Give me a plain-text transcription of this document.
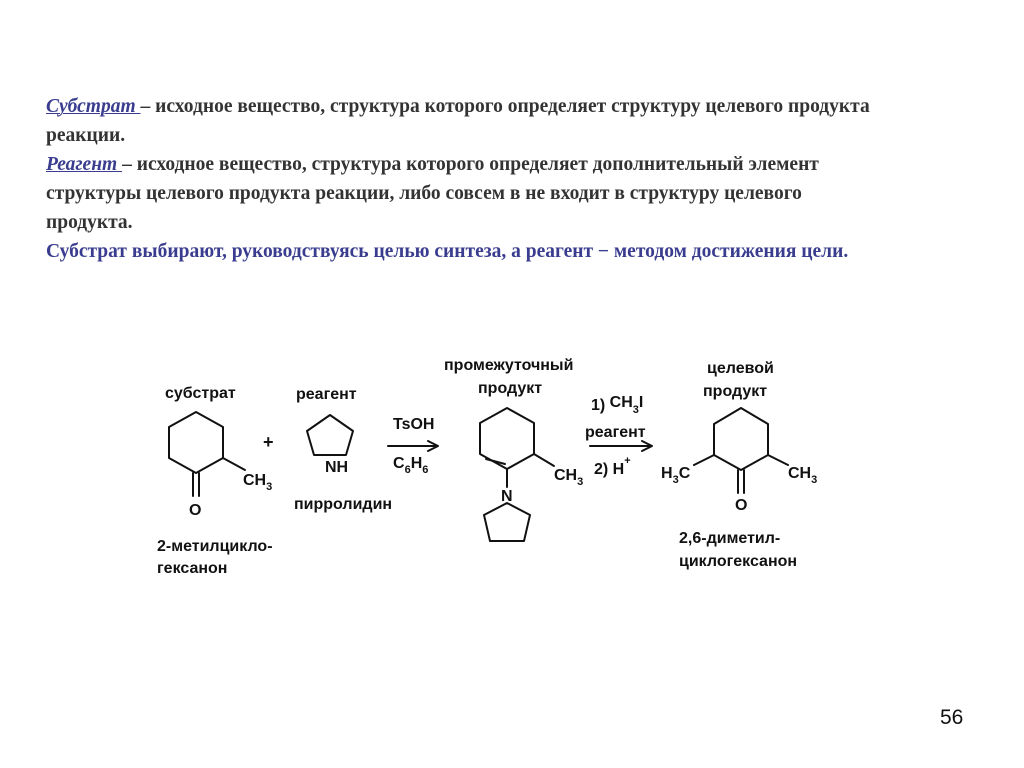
Субстрат – исходное вещество, структура которого определяет структуру целевого продукта реакции.

Реагент – исходное вещество, структура которого определяет дополнительный элемент структуры целевого продукта реакции, либо совсем в не входит в структуру целевого продукта.

Субстрат выбирают, руководствуясь целью синтеза, а реагент − методом достижения цели.

субстрат	реагент
+
промежуточный
продукт
целевой
продукт
O
$CH_3$
NH
N
$CH_3$
O
$H_3C$	$CH_3$
TsOH
$C_6H_6$
1) $CH_3I$
реагент
2) H+
2-метилцикло-
гексанон
пирролидин
2,6-диметил-
циклогексанон
56
